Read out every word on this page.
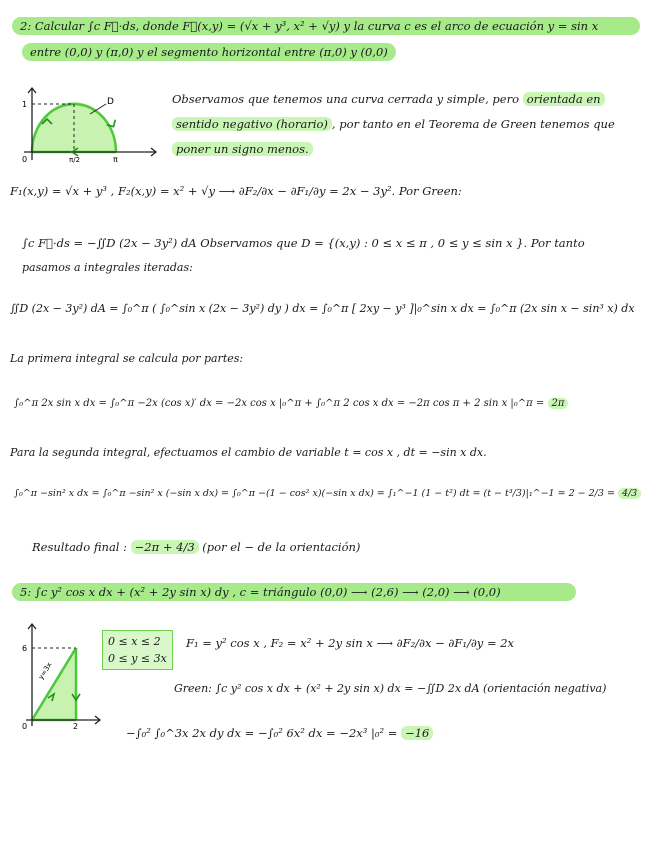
2: Calcular ∫c F⃗·ds, donde F⃗(x,y) = (√x + y³, x² + √y) y la curva c es el arco de ecuación y = sin x
entre (0,0) y (π,0) y el segmento horizontal entre (π,0) y (0,0)
D
1
π/2	π
0
Observamos que tenemos una curva cerrada y simple, pero orientada en
sentido negativo (horario) , por tanto en el Teorema de Green tenemos que
poner un signo menos.
F₁(x,y) = √x + y³ , F₂(x,y) = x² + √y ⟶ ∂F₂/∂x − ∂F₁/∂y = 2x − 3y². Por Green:
∫c F⃗·ds = −∬D (2x − 3y²) dA Observamos que D = {(x,y) : 0 ≤ x ≤ π , 0 ≤ y ≤ sin x }. Por tanto
pasamos a integrales iteradas:
∬D (2x − 3y²) dA = ∫₀^π ( ∫₀^sin x (2x − 3y²) dy ) dx = ∫₀^π [ 2xy − y³ ]|₀^sin x dx = ∫₀^π (2x sin x − sin³ x) dx
La primera integral se calcula por partes:
∫₀^π 2x sin x dx = ∫₀^π −2x (cos x)′ dx = −2x cos x |₀^π + ∫₀^π 2 cos x dx = −2π cos π + 2 sin x |₀^π = 2π
Para la segunda integral, efectuamos el cambio de variable t = cos x , dt = −sin x dx.
∫₀^π −sin² x dx = ∫₀^π −sin² x (−sin x dx) = ∫₀^π −(1 − cos² x)(−sin x dx) = ∫₁^−1 (1 − t²) dt = (t − t³/3)|₁^−1 = 2 − 2/3 = 4/3
Resultado final : −2π + 4/3 (por el − de la orientación)
5: ∫c y² cos x dx + (x² + 2y sin x) dy , c = triángulo (0,0) ⟶ (2,6) ⟶ (2,0) ⟶ (0,0)
y=3x
6
2
0
0 ≤ x ≤ 2
0 ≤ y ≤ 3x
F₁ = y² cos x , F₂ = x² + 2y sin x ⟶ ∂F₂/∂x − ∂F₁/∂y = 2x
Green: ∫c y² cos x dx + (x² + 2y sin x) dx = −∬D 2x dA (orientación negativa)
−∫₀² ∫₀^3x 2x dy dx = −∫₀² 6x² dx = −2x³ |₀² = −16
